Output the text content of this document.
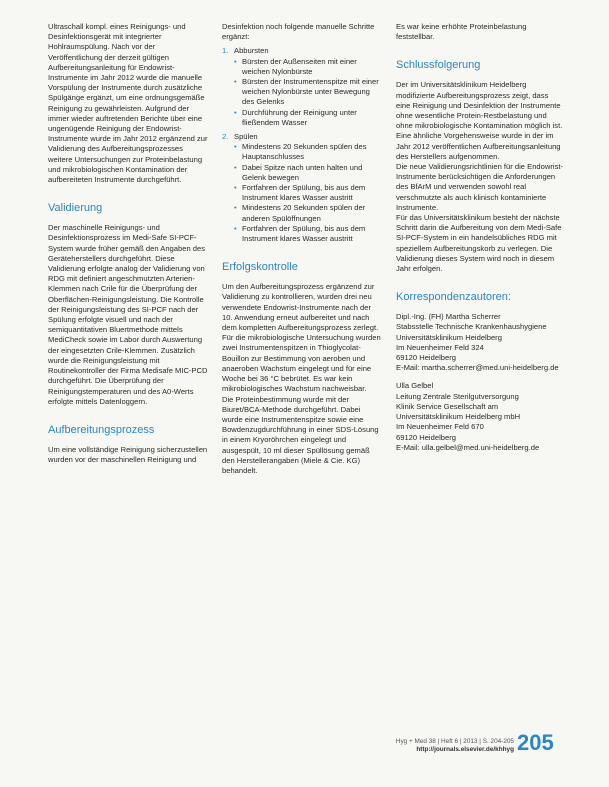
Ultraschall kompl. eines Reinigungs- und Desinfektionsgerät mit integrierter Hohlraumspülung. Nach vor der Veröffentlichung der derzeit gültigen Aufbereitungsanleitung für Endowrist- Instrumente im Jahr 2012 wurde die manuelle Vorspülung der Instrumente durch zusätzliche Spülgänge ergänzt, um eine ordnungsgemäße Reinigung zu gewährleisten. Aufgrund der immer wieder auftretenden Berichte über eine ungenügende Reinigung der Endowrist-Instrumente wurde im Jahr 2012 ergänzend zur Validierung des Aufbereitungsprozesses weitere Untersuchungen zur Proteinbelastung und mikrobiologischen Kontamination der aufbereiteten Instrumente durchgeführt.

Validierung

Der maschinelle Reinigungs- und Desinfektionsprozess im Medi-Safe SI-PCF-System wurde früher gemäß den Angaben des Geräteherstellers durchgeführt. Diese Validierung erfolgte analog der Validierung von RDG mit definiert angeschmutzten Arterien-Klemmen nach Crile für die Überprüfung der Oberflächen-Reinigungsleistung. Die Kontrolle der Reinigungsleistung des SI-PCF nach der Spülung erfolgte visuell und nach der semiquantitativen Bluertmethode mittels MediCheck sowie im Labor durch Auswertung der eingesetzten Crile-Klemmen. Zusätzlich wurde die Reinigungsleistung mit Routinekontroller der Firma Medisafe MIC-PCD durchgeführt. Die Überprüfung der Reinigungstemperaturen und des A0-Werts erfolgte mittels Datenloggern.

Aufbereitungsprozess

Um eine vollständige Reinigung sicherzustellen wurden vor der maschinellen Reinigung und

Desinfektion noch folgende manuelle Schritte ergänzt:

1. Abbursten
• Bürsten der Außenseiten mit einer weichen Nylonbürste
• Bürsten der Instrumentenspitze mit einer weichen Nylonbürste unter Bewegung des Gelenks
• Durchführung der Reinigung unter fließendem Wasser
2. Spülen
• Mindestens 20 Sekunden spülen des Hauptanschlusses
• Dabei Spitze nach unten halten und Gelenk bewegen
• Fortfahren der Spülung, bis aus dem Instrument klares Wasser austritt
• Mindestens 20 Sekunden spülen der anderen Spülöffnungen
• Fortfahren der Spülung, bis aus dem Instrument klares Wasser austritt
Erfolgskontrolle

Um den Aufbereitungsprozess ergänzend zur Validierung zu kontrollieren, wurden drei neu verwendete Endowrist-Instrumente nach der 10. Anwendung erneut aufbereitet und nach dem kompletten Aufbereitungsprozess zerlegt.

Für die mikrobiologische Untersuchung wurden zwei Instrumentenspitzen in Thioglycolat-Bouillon zur Bestimmung von aeroben und anaeroben Wachstum eingelegt und für eine Woche bei 36 °C bebrütet. Es war kein mikrobiologisches Wachstum nachweisbar.

Die Proteinbestimmung wurde mit der Biuret/BCA-Methode durchgeführt. Dabei wurde eine Instrumentenspitze sowie eine Bowdenzugdurchführung in einer SDS-Lösung in einem Kryoröhrchen eingelegt und ausgespült, 10 ml dieser Spüllösung gemäß den Herstellerangaben (Miele & Cie. KG) behandelt.

Es war keine erhöhte Proteinbelastung feststellbar.

Schlussfolgerung

Der im Universitätsklinikum Heidelberg modifizierte Aufbereitungsprozess zeigt, dass eine Reinigung und Desinfektion der Instrumente ohne wesentliche Protein-Restbelastung und ohne mikrobiologische Kontamination möglich ist. Eine ähnliche Vorgehensweise wurde in der im Jahr 2012 veröffentlichen Aufbereitungsanleitung des Herstellers aufgenommen.

Die neue Validierungsrichtlinien für die Endowrist-Instrumente berücksichtigen die Anforderungen des BfArM und verwenden sowohl real verschmutzte als auch klinisch kontaminierte Instrumente.

Für das Universitätsklinikum besteht der nächste Schritt darin die Aufbereitung von dem Medi-Safe SI-PCF-System in ein handelsübliches RDG mit speziellem Aufbereitungskorb zu verlegen. Die Validierung dieses System wird noch in diesem Jahr erfolgen.

Korrespondenzautoren:

Dipl.-Ing. (FH) Martha Scherrer

Stabsstelle Technische Krankenhaushygiene

Universitätsklinikum Heidelberg

Im Neuenheimer Feld 324

69120 Heidelberg

E-Mail: martha.scherrer@med.uni-heidelberg.de

Ulla Gelbel

Leitung Zentrale Sterilgutversorgung

Klinik Service Gesellschaft am Universitätsklinikum Heidelberg mbH

Im Neuenheimer Feld 670

69120 Heidelberg

E-Mail: ulla.gelbel@med.uni-heidelberg.de

Hyg + Med 38 | Heft 6 | 2013 | S. 204-205
http://journals.elsevier.de/khhyg 205
